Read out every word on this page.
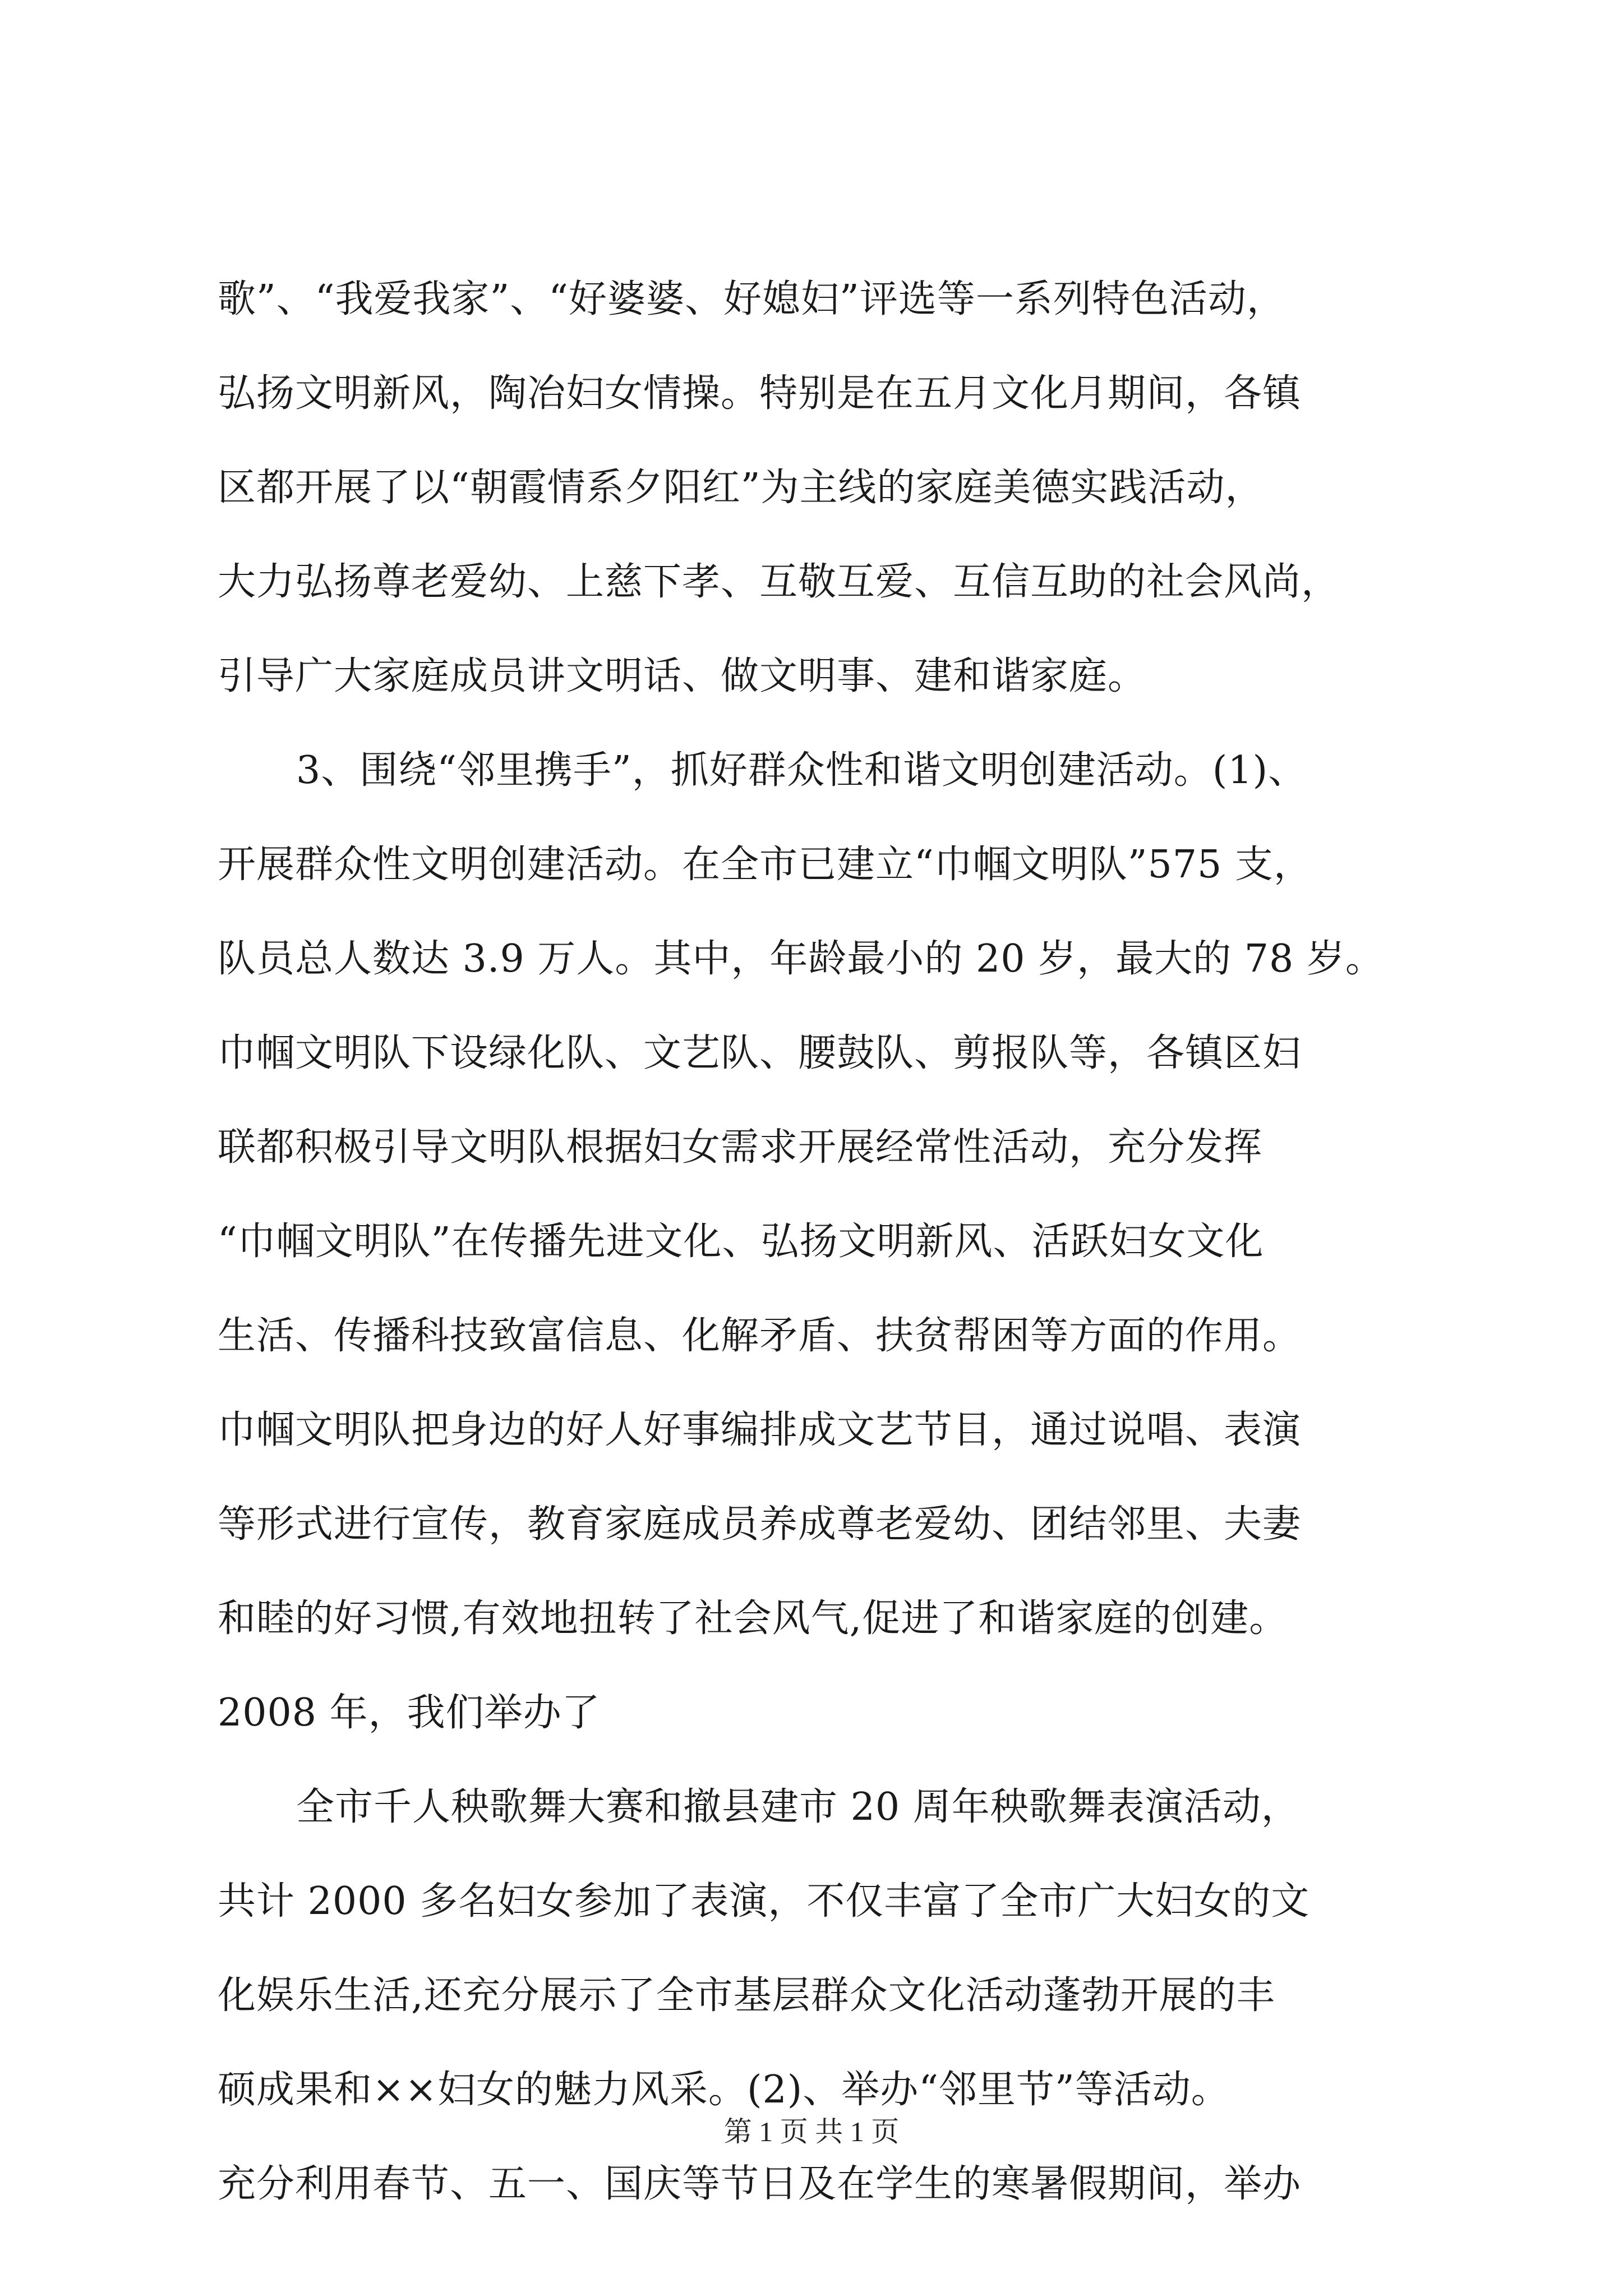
歌”、“我爱我家”、“好婆婆、好媳妇”评选等一系列特色活动，
弘扬文明新风，陶冶妇女情操。特别是在五月文化月期间，各镇
区都开展了以“朝霞情系夕阳红”为主线的家庭美德实践活动，
大力弘扬尊老爱幼、上慈下孝、互敬互爱、互信互助的社会风尚，
引导广大家庭成员讲文明话、做文明事、建和谐家庭。
3、围绕“邻里携手”，抓好群众性和谐文明创建活动。(1)、
开展群众性文明创建活动。在全市已建立“巾帼文明队”575 支，
队员总人数达 3.9 万人。其中，年龄最小的 20 岁，最大的 78 岁。
巾帼文明队下设绿化队、文艺队、腰鼓队、剪报队等，各镇区妇
联都积极引导文明队根据妇女需求开展经常性活动，充分发挥
“巾帼文明队”在传播先进文化、弘扬文明新风、活跃妇女文化
生活、传播科技致富信息、化解矛盾、扶贫帮困等方面的作用。
巾帼文明队把身边的好人好事编排成文艺节目，通过说唱、表演
等形式进行宣传，教育家庭成员养成尊老爱幼、团结邻里、夫妻
和睦的好习惯,有效地扭转了社会风气,促进了和谐家庭的创建。
2008 年，我们举办了
全市千人秧歌舞大赛和撤县建市 20 周年秧歌舞表演活动，
共计 2000 多名妇女参加了表演，不仅丰富了全市广大妇女的文
化娱乐生活,还充分展示了全市基层群众文化活动蓬勃开展的丰
硕成果和××妇女的魅力风采。(2)、举办“邻里节”等活动。
充分利用春节、五一、国庆等节日及在学生的寒暑假期间，举办
第 1 页 共 1 页
